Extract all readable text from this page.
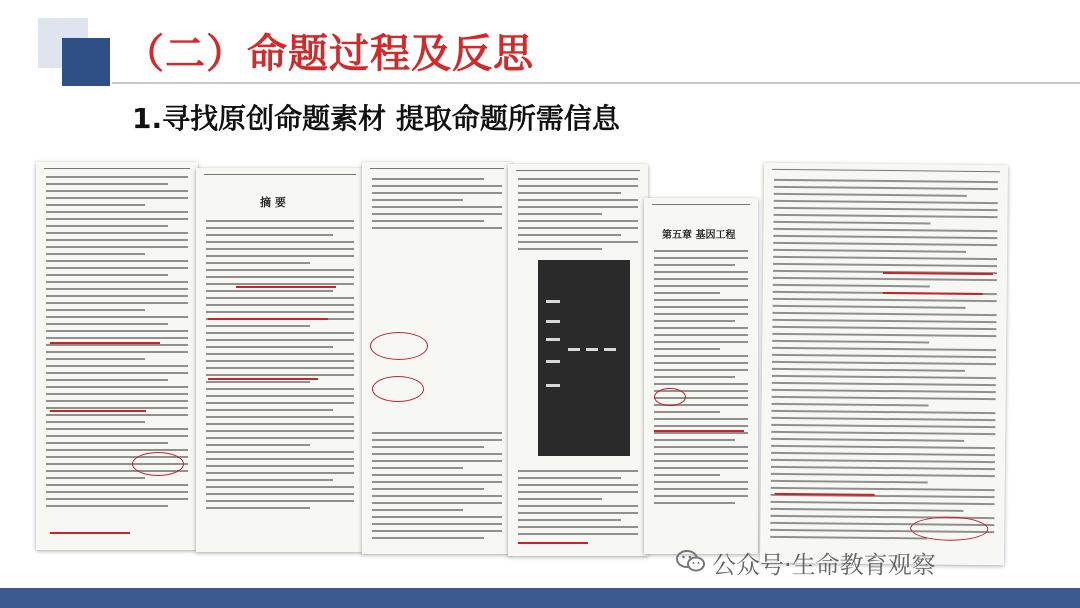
（二）命题过程及反思
1.寻找原创命题素材 提取命题所需信息
摘 要
第五章 基因工程
公众号·生命教育观察
